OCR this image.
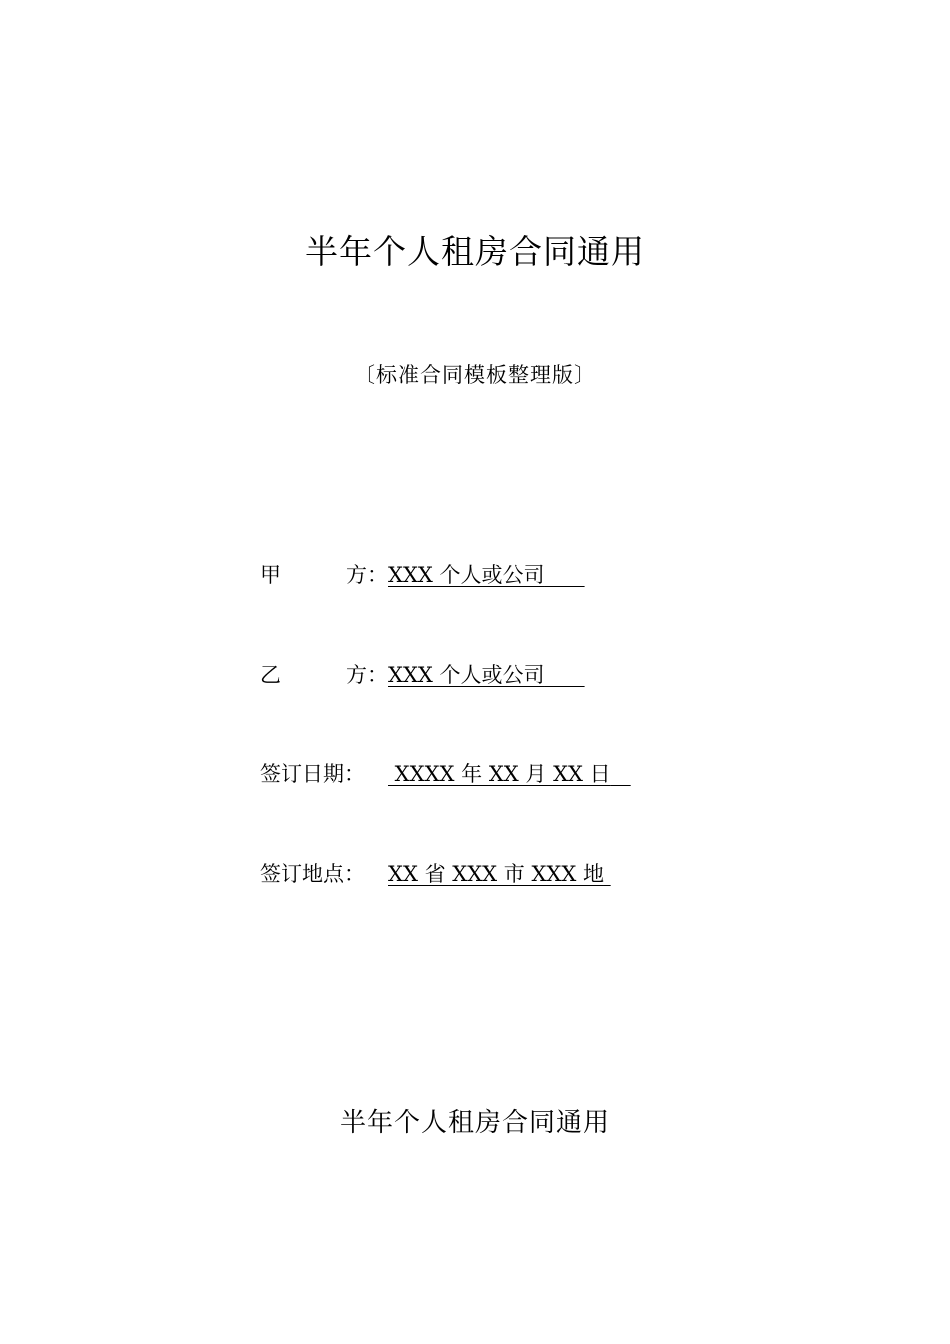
半年个人租房合同通用
〔标准合同模板整理版〕
甲	方： XXX 个人或公司
乙	方： XXX 个人或公司
签订日期： XXXX 年 XX 月 XX 日
签订地点： XX 省 XXX 市 XXX 地
半年个人租房合同通用
